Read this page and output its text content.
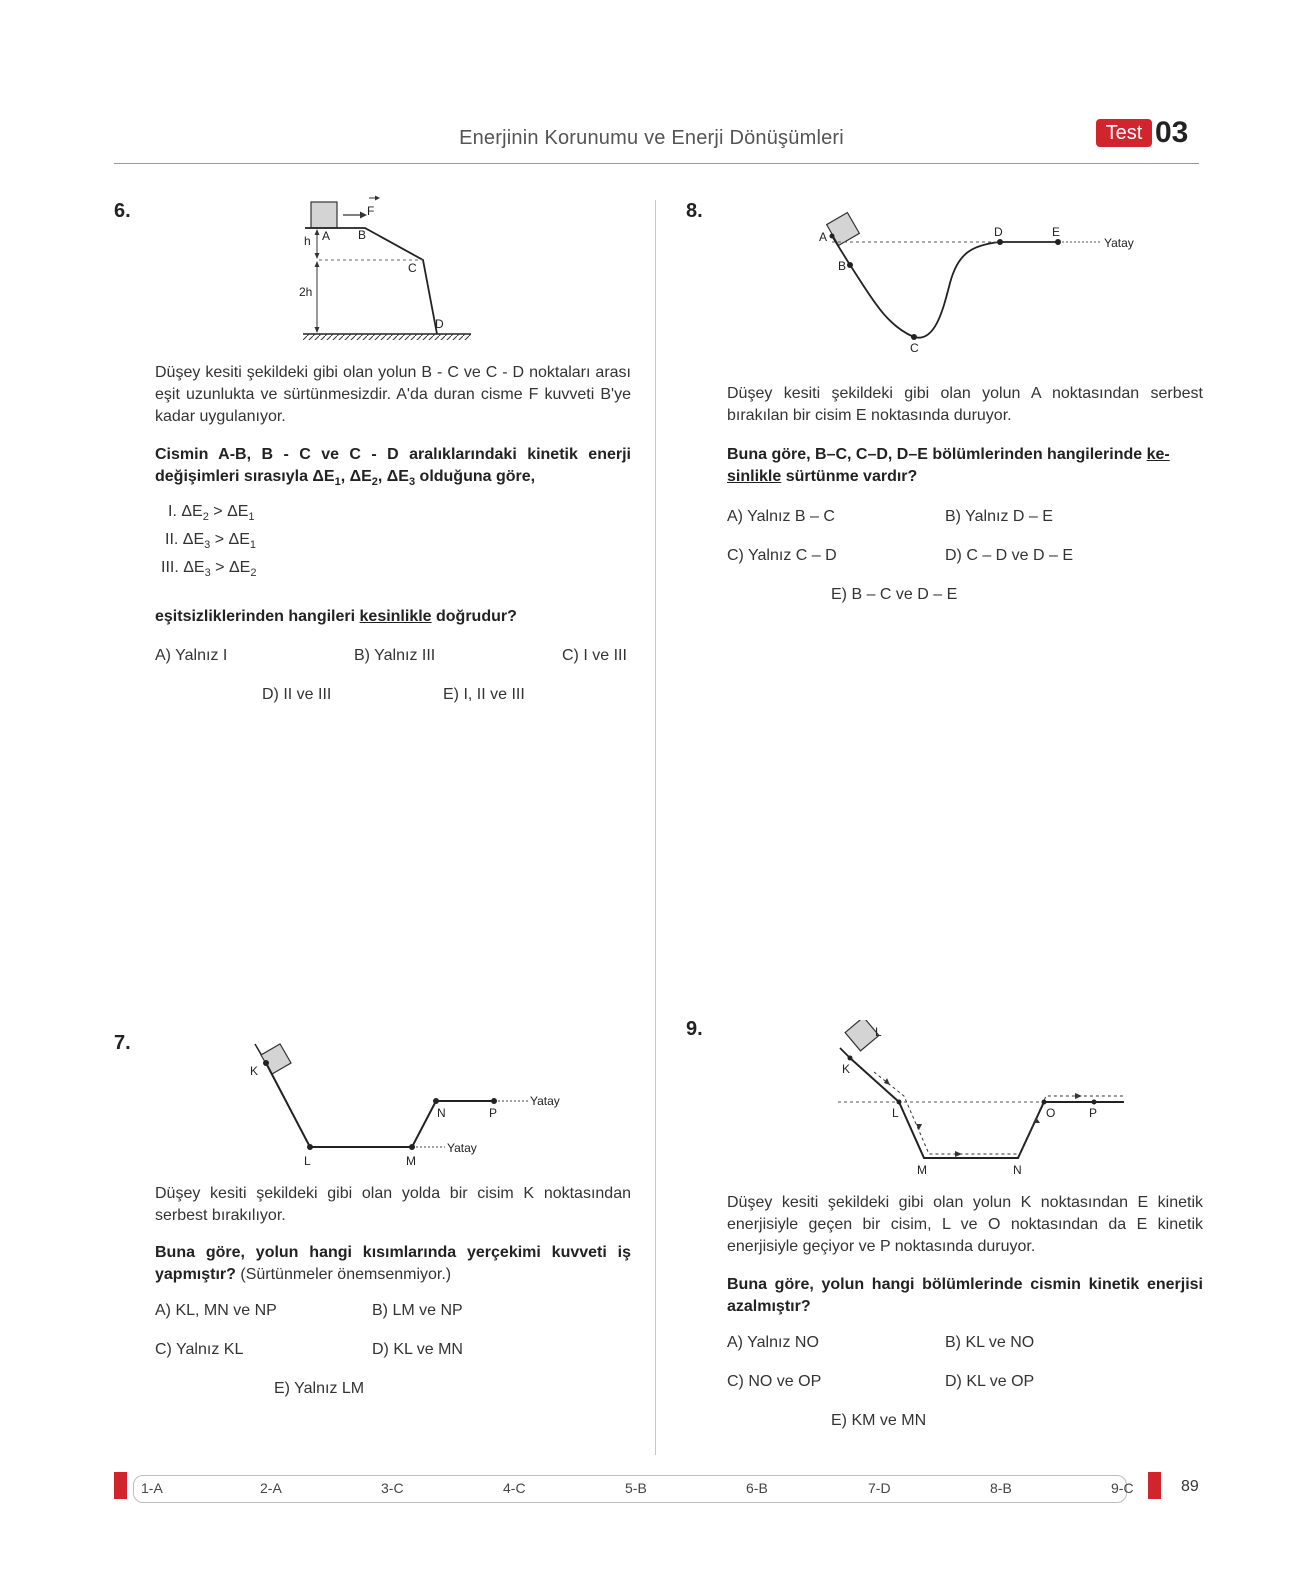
Enerjinin Korunumu ve Enerji Dönüşümleri	Test 03
6.	F
h
2h
A B
C
D
Düşey kesiti şekildeki gibi olan yolun B - C ve C - D noktaları arası eşit uzunlukta ve sürtünmesizdir. A'da duran cisme F kuvveti B'ye kadar uygulanıyor.
Cismin A-B, B - C ve C - D aralıklarındaki kinetik enerji değişimleri sırasıyla $\Delta E_1$, $\Delta E_2$, $\Delta E_3$ olduğuna göre,
I. $\Delta E_2 > \Delta E_1$
II. $\Delta E_3 > \Delta E_1$
III. $\Delta E_3 > \Delta E_2$
eşitsizliklerinden hangileri kesinlikle doğrudur?
A) Yalnız I	B) Yalnız III	C) I ve III
D) II ve III	E) I, II ve III
7.
K
L	M
N	P
Yatay
Yatay
Düşey kesiti şekildeki gibi olan yolda bir cisim K noktasından serbest bırakılıyor.
Buna göre, yolun hangi kısımlarında yerçekimi kuvveti iş yapmıştır? (Sürtünmeler önemsenmiyor.)
A) KL, MN ve NP	B) LM ve NP
C) Yalnız KL	D) KL ve MN
E) Yalnız LM
8.
A
B
C
D	E
Yatay
Düşey kesiti şekildeki gibi olan yolun A noktasından serbest bırakılan bir cisim E noktasında duruyor.
Buna göre, B–C, C–D, D–E bölümlerinden hangilerinde ke-
sinlikle sürtünme vardır?
A) Yalnız B – C	B) Yalnız D – E
C) Yalnız C – D	D) C – D ve D – E
E) B – C ve D – E
9.
K
L
L
M	N
O	P
Düşey kesiti şekildeki gibi olan yolun K noktasından E kinetik enerjisiyle geçen bir cisim, L ve O noktasından da E kinetik enerjisiyle geçiyor ve P noktasında duruyor.
Buna göre, yolun hangi bölümlerinde cismin kinetik enerjisi azalmıştır?
A) Yalnız NO	B) KL ve NO
C) NO ve OP	D) KL ve OP
E) KM ve MN
1-A	2-A	3-C	4-C	5-B	6-B	7-D	8-B	9-C	89
